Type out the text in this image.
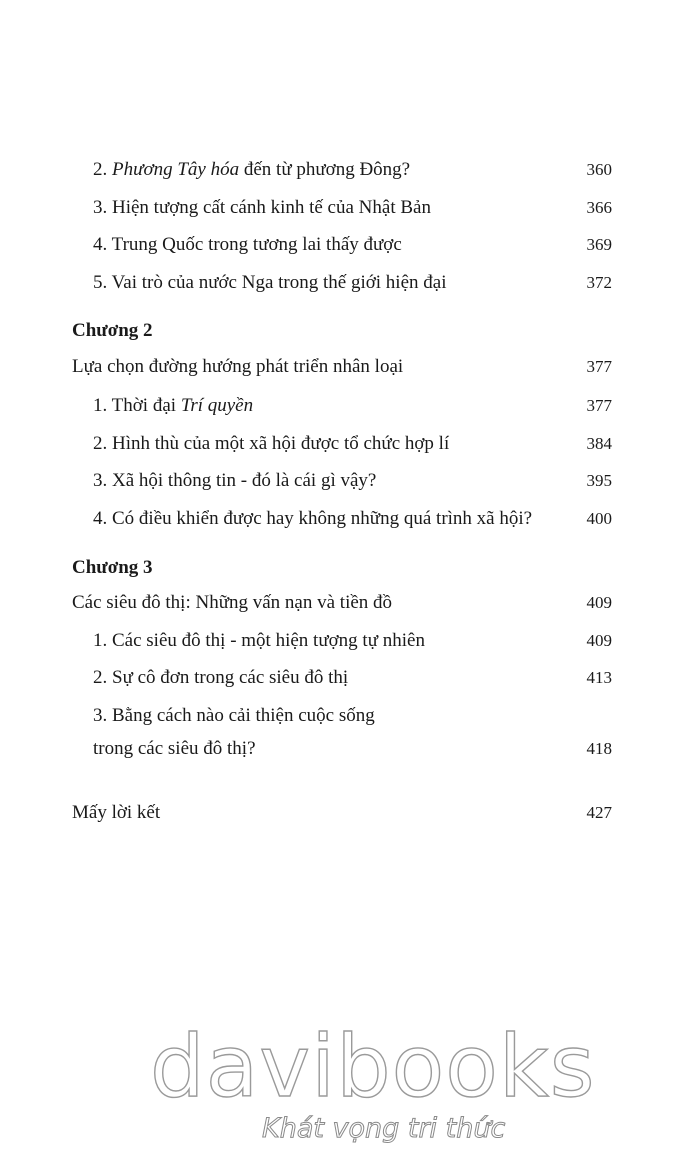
2. Phương Tây hóa đến từ phương Đông?	360
3. Hiện tượng cất cánh kinh tế của Nhật Bản	366
4. Trung Quốc trong tương lai thấy được	369
5. Vai trò của nước Nga trong thế giới hiện đại	372
Chương 2
Lựa chọn đường hướng phát triển nhân loại	377
1. Thời đại Trí quyền	377
2. Hình thù của một xã hội được tổ chức hợp lí	384
3. Xã hội thông tin - đó là cái gì vậy?	395
4. Có điều khiển được hay không những quá trình xã hội?	400
Chương 3
Các siêu đô thị: Những vấn nạn và tiền đồ	409
1. Các siêu đô thị - một hiện tượng tự nhiên	409
2. Sự cô đơn trong các siêu đô thị	413
3. Bằng cách nào cải thiện cuộc sống
trong các siêu đô thị?	418
Mấy lời kết	427
davibooks
Khát vọng tri thức
